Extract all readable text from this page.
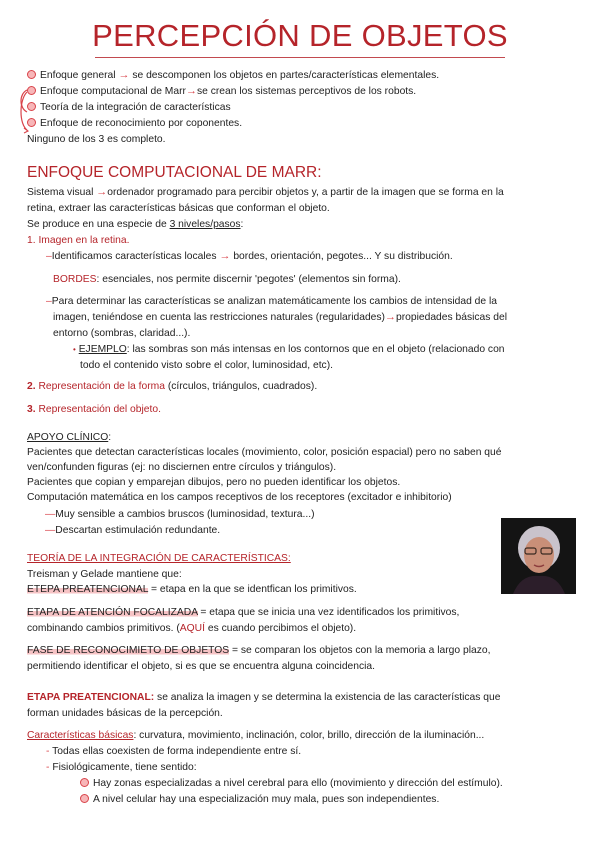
PERCEPCIÓN DE OBJETOS
Enfoque general → se descomponen los objetos en partes/características elementales.
Enfoque computacional de Marr→se crean los sistemas perceptivos de los robots.
Teoría de la integración de características
Enfoque de reconocimiento por coponentes.
Ninguno de los 3 es completo.
ENFOQUE COMPUTACIONAL DE MARR:
Sistema visual →ordenador programado para percibir objetos y, a partir de la imagen que se forma en la
retina, extraer las características básicas que conforman el objeto.
Se produce en una especie de 3 niveles/pasos:
1. Imagen en la retina.
–Identificamos características locales → bordes, orientación, pegotes... Y su distribución.
BORDES: esenciales, nos permite discernir 'pegotes' (elementos sin forma).
–Para determinar las características se analizan matemáticamente los cambios de intensidad de la
imagen, teniéndose en cuenta las restricciones naturales (regularidades)→propiedades básicas del
entorno (sombras, claridad...).
• EJEMPLO: las sombras son más intensas en los contornos que en el objeto (relacionado con
todo el contenido visto sobre el color, luminosidad, etc).
2. Representación de la forma (círculos, triángulos, cuadrados).
3. Representación del objeto.
APOYO CLÍNICO:
Pacientes que detectan características locales (movimiento, color, posición espacial) pero no saben qué
ven/confunden figuras (ej: no disciernen entre círculos y triángulos).
Pacientes que copian y emparejan dibujos, pero no pueden identificar los objetos.
Computación matemática en los campos receptivos de los receptores (excitador e inhibitorio)
—Muy sensible a cambios bruscos (luminosidad, textura...)
—Descartan estimulación redundante.
TEORÍA DE LA INTEGRACIÓN DE CARACTERÍSTICAS:
Treisman y Gelade mantiene que:
ETEPA PREATENCIONAL = etapa en la que se identfican los primitivos.
ETAPA DE ATENCIÓN FOCALIZADA = etapa que se inicia una vez identificados los primitivos,
combinando cambios primitivos. (AQUÍ es cuando percibimos el objeto).
FASE DE RECONOCIMIETO DE OBJETOS = se comparan los objetos con la memoria a largo plazo,
permitiendo identificar el objeto, si es que se encuentra alguna coincidencia.
ETAPA PREATENCIONAL: se analiza la imagen y se determina la existencia de las características que
forman unidades básicas de la percepción.
Características básicas: curvatura, movimiento, inclinación, color, brillo, dirección de la iluminación...
- Todas ellas coexisten de forma independiente entre sí.
- Fisiológicamente, tiene sentido:
Hay zonas especializadas a nivel cerebral para ello (movimiento y dirección del estímulo).
A nivel celular hay una especialización muy mala, pues son independientes.
